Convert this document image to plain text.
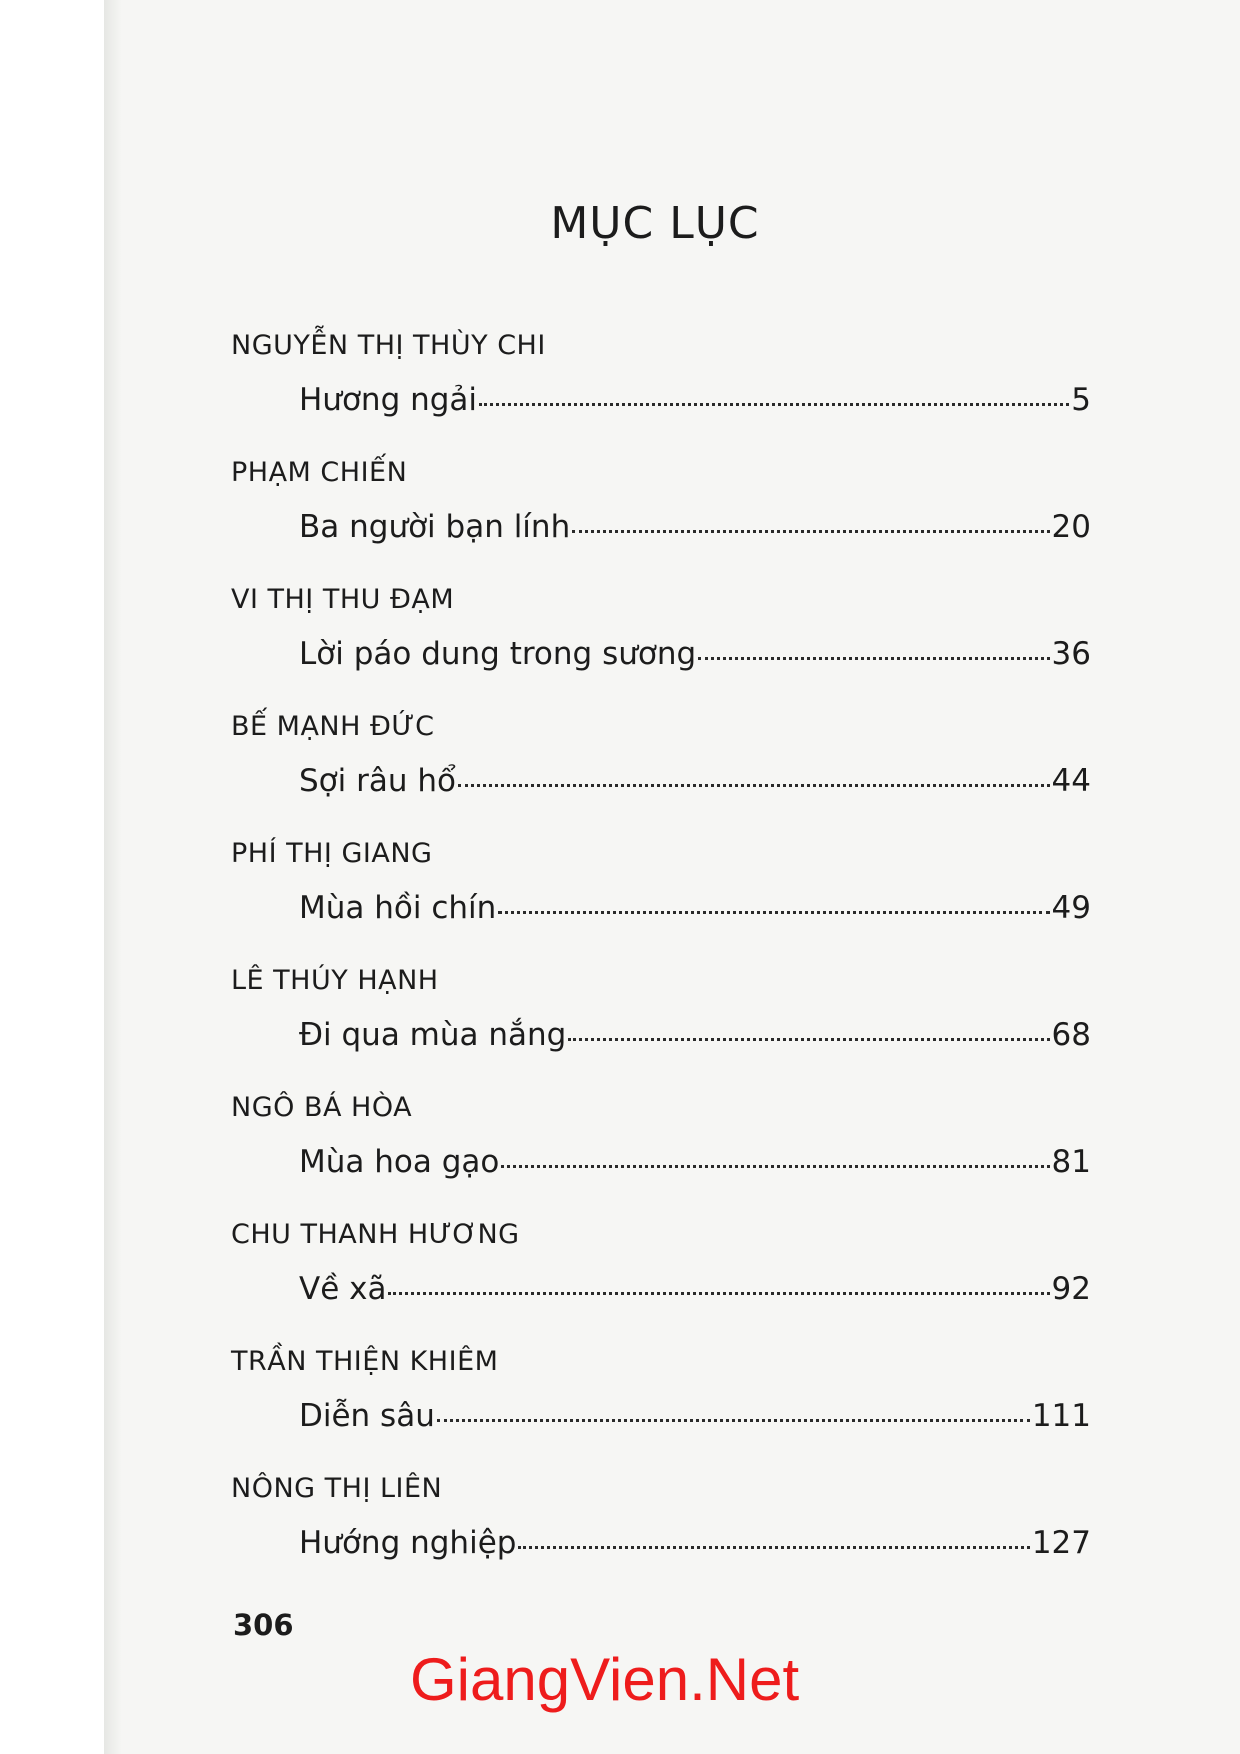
MỤC LỤC
NGUYỄN THỊ THÙY CHI
Hương ngải	5
PHẠM CHIẾN
Ba người bạn lính	20
VI THỊ THU ĐẠM
Lời páo dung trong sương	36
BẾ MẠNH ĐỨC
Sợi râu hổ	44
PHÍ THỊ GIANG
Mùa hồi chín	49
LÊ THÚY HẠNH
Đi qua mùa nắng	68
NGÔ BÁ HÒA
Mùa hoa gạo	81
CHU THANH HƯƠNG
Về xã	92
TRẦN THIỆN KHIÊM
Diễn sâu	111
NÔNG THỊ LIÊN
Hướng nghiệp	127
306
GiangVien.Net
